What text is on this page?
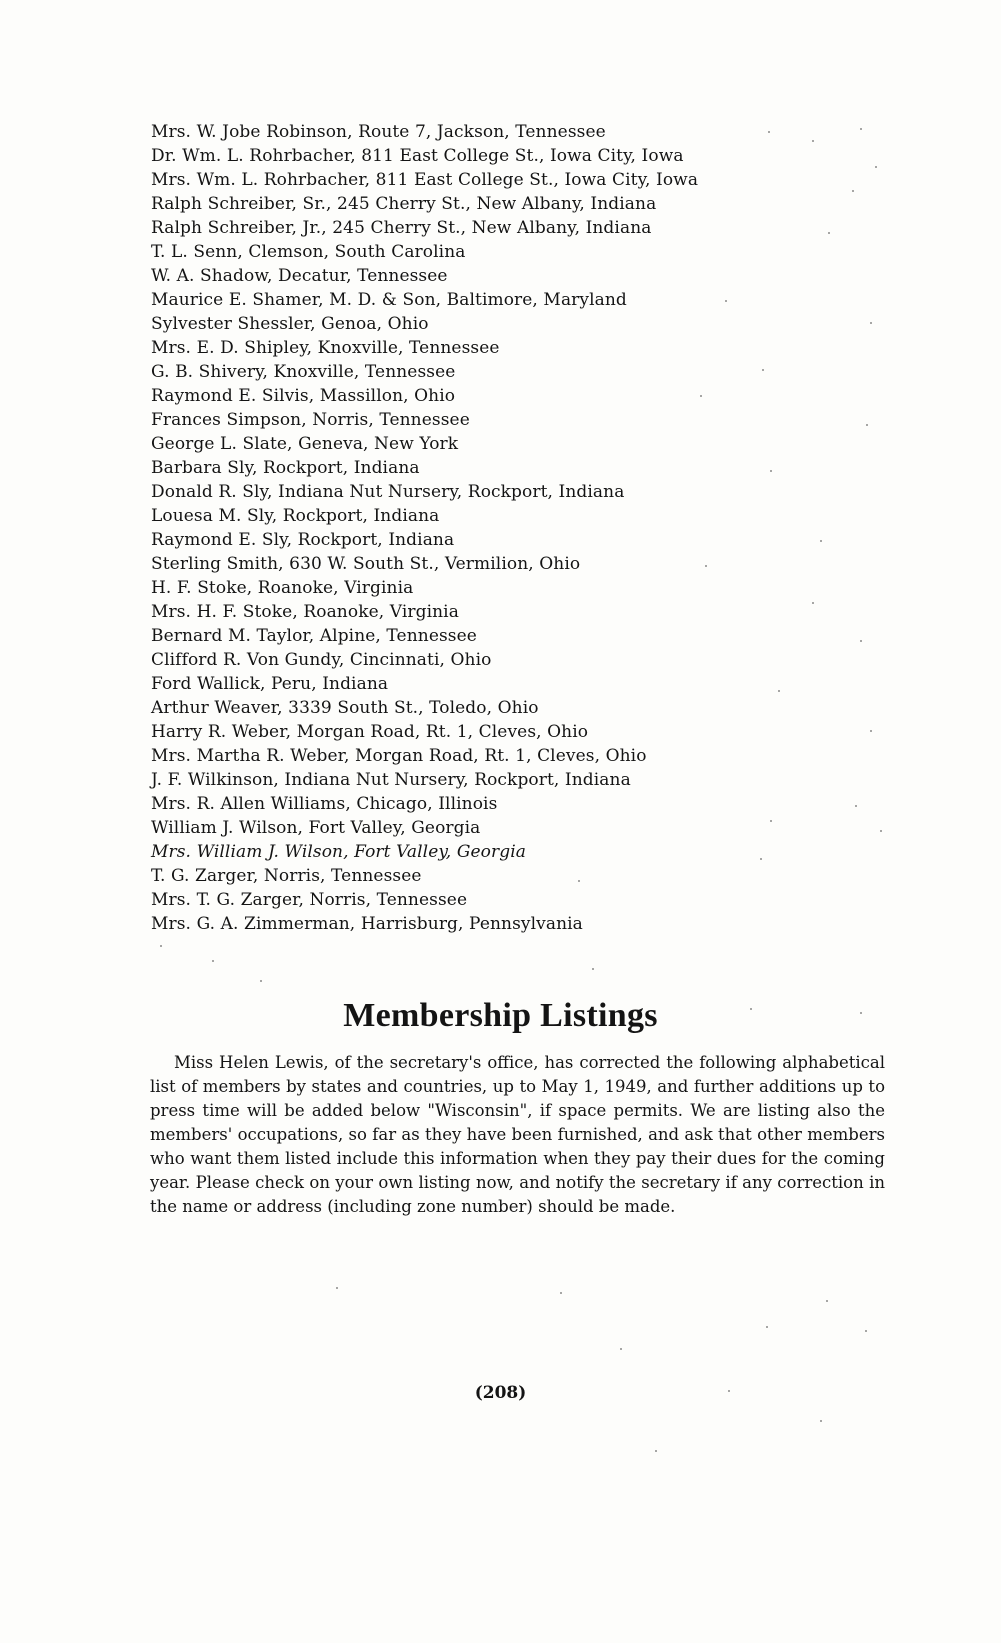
Mrs. W. Jobe Robinson, Route 7, Jackson, Tennessee
Dr. Wm. L. Rohrbacher, 811 East College St., Iowa City, Iowa
Mrs. Wm. L. Rohrbacher, 811 East College St., Iowa City, Iowa
Ralph Schreiber, Sr., 245 Cherry St., New Albany, Indiana
Ralph Schreiber, Jr., 245 Cherry St., New Albany, Indiana
T. L. Senn, Clemson, South Carolina
W. A. Shadow, Decatur, Tennessee
Maurice E. Shamer, M. D. & Son, Baltimore, Maryland
Sylvester Shessler, Genoa, Ohio
Mrs. E. D. Shipley, Knoxville, Tennessee
G. B. Shivery, Knoxville, Tennessee
Raymond E. Silvis, Massillon, Ohio
Frances Simpson, Norris, Tennessee
George L. Slate, Geneva, New York
Barbara Sly, Rockport, Indiana
Donald R. Sly, Indiana Nut Nursery, Rockport, Indiana
Louesa M. Sly, Rockport, Indiana
Raymond E. Sly, Rockport, Indiana
Sterling Smith, 630 W. South St., Vermilion, Ohio
H. F. Stoke, Roanoke, Virginia
Mrs. H. F. Stoke, Roanoke, Virginia
Bernard M. Taylor, Alpine, Tennessee
Clifford R. Von Gundy, Cincinnati, Ohio
Ford Wallick, Peru, Indiana
Arthur Weaver, 3339 South St., Toledo, Ohio
Harry R. Weber, Morgan Road, Rt. 1, Cleves, Ohio
Mrs. Martha R. Weber, Morgan Road, Rt. 1, Cleves, Ohio
J. F. Wilkinson, Indiana Nut Nursery, Rockport, Indiana
Mrs. R. Allen Williams, Chicago, Illinois
William J. Wilson, Fort Valley, Georgia
Mrs. William J. Wilson, Fort Valley, Georgia
T. G. Zarger, Norris, Tennessee
Mrs. T. G. Zarger, Norris, Tennessee
Mrs. G. A. Zimmerman, Harrisburg, Pennsylvania
Membership Listings

Miss Helen Lewis, of the secretary's office, has corrected the following alphabetical list of members by states and countries, up to May 1, 1949, and further additions up to press time will be added below "Wisconsin", if space permits. We are listing also the members' occupations, so far as they have been furnished, and ask that other members who want them listed include this information when they pay their dues for the coming year. Please check on your own listing now, and notify the secretary if any correction in the name or address (including zone number) should be made.

(208)
